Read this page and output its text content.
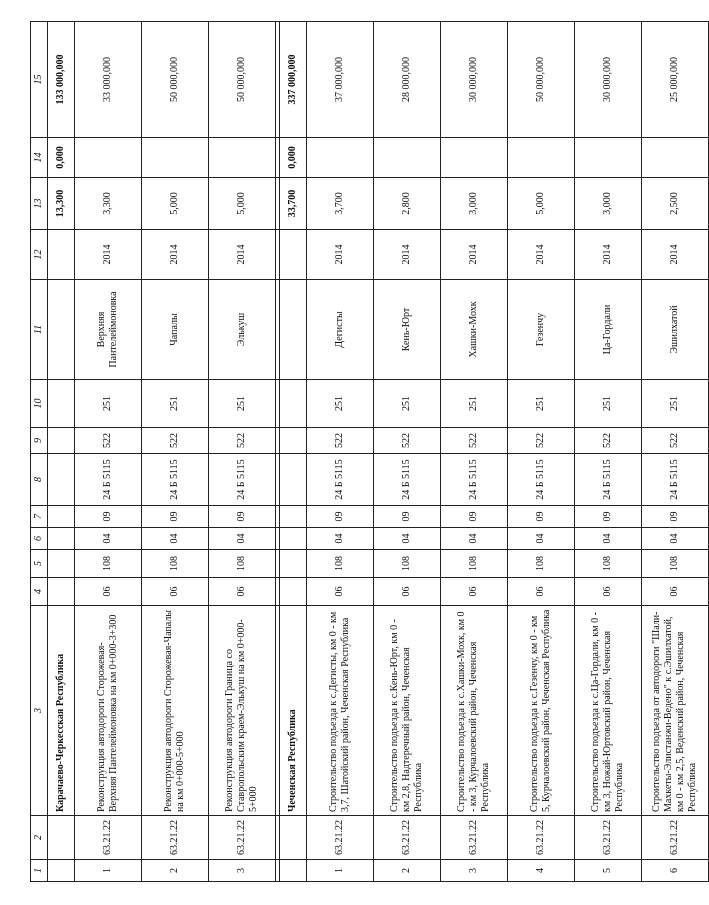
1	2	3	4	5	6	7	8	9	10	11	12	13	14	15
		Карачаево-Черкесская Республика										13,300	0,000	133 000,000
1	63.21.22	Реконструкция автодороги Сторожевая-Верхняя Пантелеймоновка на км 0+000-3+300	06	108	04	09	24 Б 5115	522	251	Верхняя Пантелеймоновка	2014	3,300		33 000,000
2	63.21.22	Реконструкция автодороги Сторожевая-Чапалы на км 0+000-5+000	06	108	04	09	24 Б 5115	522	251	Чапалы	2014	5,000		50 000,000
3	63.21.22	Реконструкция автодороги Граница со Ставропольским краем-Элькуш на км 0+000-5+000	06	108	04	09	24 Б 5115	522	251	Элькуш	2014	5,000		50 000,000

		Чеченская Республика										33,700	0,000	337 000,000
1	63.21.22	Строительство подъезда к с.Дегисты, км 0 - км 3,7, Шатойский район, Чеченская Республика	06	108	04	09	24 Б 5115	522	251	Дегисты	2014	3,700		37 000,000
2	63.21.22	Строительство подъезда к с.Кень-Юрт, км 0 - км 2,8, Надтеречный район, Чеченская Республика	06	108	04	09	24 Б 5115	522	251	Кень-Юрт	2014	2,800		28 000,000
3	63.21.22	Строительство подъезда к с.Хашки-Мохк, км 0 - км 3, Курчалоевский район, Чеченская Республика	06	108	04	09	24 Б 5115	522	251	Хашки-Мохк	2014	3,000		30 000,000
4	63.21.22	Строительство подъезда к с.Гезенчу, км 0 - км 5, Курчалоевский район, Чеченская Республика	06	108	04	09	24 Б 5115	522	251	Гезенчу	2014	5,000		50 000,000
5	63.21.22	Строительство подъезда к с.Ца-Гордали, км 0 - км 3, Ножай-Юртовский район, Чеченская Республика	06	108	04	09	24 Б 5115	522	251	Ца-Гордали	2014	3,000		30 000,000
6	63.21.22	Строительство подъезда от автодороги "Шали-Махкеты-Элистанжи-Ведено" к с.Эшилхатой, км 0 - км 2,5, Веденский район, Чеченская Республика	06	108	04	09	24 Б 5115	522	251	Эшилхатой	2014	2,500		25 000,000
